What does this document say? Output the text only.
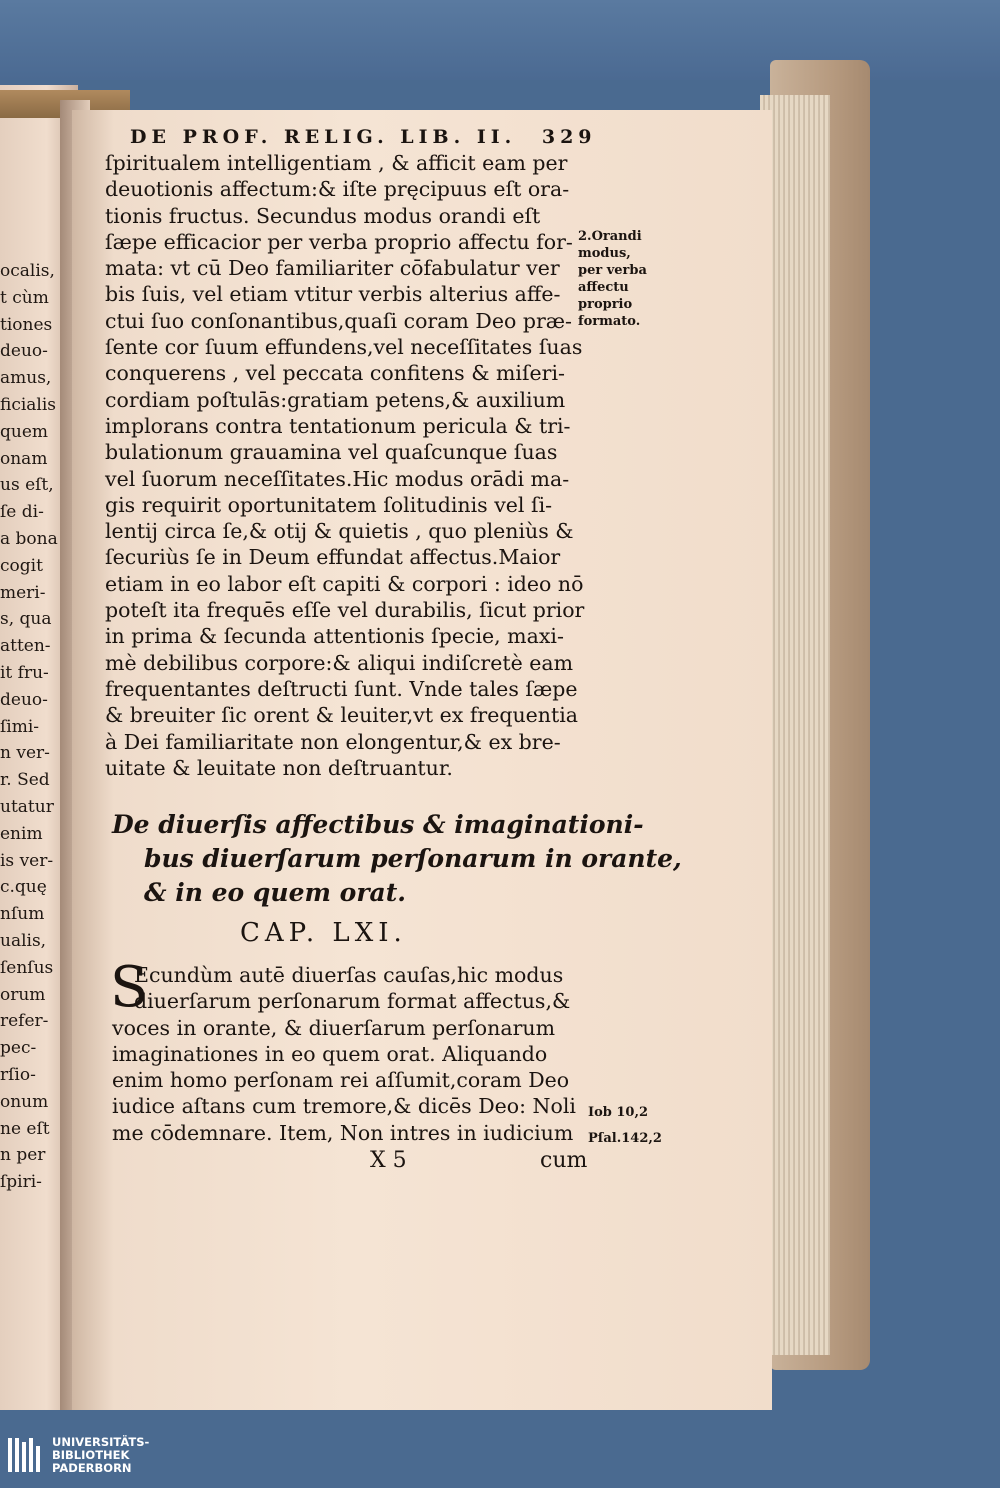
ocalis,
t cùm
tiones
deuo-
amus,
ficialis
quem
onam
us eſt,
ſe di-
a bona
cogit
meri-
s, qua
atten-
it fru-
deuo-
ſimi-
n ver-
r. Sed
utatur
enim
is ver-
c.quę
nſum
ualis,
ſenſus
orum
refer-
pec-
rſio-
onum
ne eſt
n per
ſpiri-
DE PROF. RELIG. LIB. II. 329
ſpiritualem intelligentiam , & afficit eam per
deuotionis affectum:& iſte pręcipuus eſt ora-
tionis fructus. Secundus modus orandi eſt
ſæpe efficacior per verba proprio affectu for-
mata: vt cū Deo familiariter cōfabulatur ver
bis ſuis, vel etiam vtitur verbis alterius affe-
ctui ſuo conſonantibus,quaſi coram Deo præ-
ſente cor ſuum effundens,vel neceſſitates ſuas
conquerens , vel peccata confitens & miſeri-
cordiam poſtulās:gratiam petens,& auxilium
implorans contra tentationum pericula & tri-
bulationum grauamina vel quaſcunque ſuas
vel ſuorum neceſſitates.Hic modus orādi ma-
gis requirit oportunitatem ſolitudinis vel ſi-
lentij circa ſe,& otij & quietis , quo pleniùs &
ſecuriùs ſe in Deum effundat affectus.Maior
etiam in eo labor eſt capiti & corpori : ideo nō
poteſt ita frequēs eſſe vel durabilis, ſicut prior
in prima & ſecunda attentionis ſpecie, maxi-
mè debilibus corpore:& aliqui indiſcretè eam
frequentantes deſtructi ſunt. Vnde tales ſæpe
& breuiter ſic orent & leuiter,vt ex frequentia
à Dei familiaritate non elongentur,& ex bre-
uitate & leuitate non deſtruantur.
2.Orandi
modus,
per verba
affectu
proprio
formato.
De diuerſis affectibus & imaginationi-
bus diuerſarum perſonarum in orante,
& in eo quem orat.
CAP. LXI.
S
Ecundùm autē diuerſas cauſas,hic modus
diuerſarum perſonarum format affectus,&
voces in orante, & diuerſarum perſonarum
imaginationes in eo quem orat. Aliquando
enim homo perſonam rei aſſumit,coram Deo
iudice aſtans cum tremore,& dicēs Deo: Noli
me cōdemnare. Item, Non intres in iudicium
Iob 10,2
Pſal.142,2
X 5	cum
UNIVERSITÄTS-
BIBLIOTHEK
PADERBORN
